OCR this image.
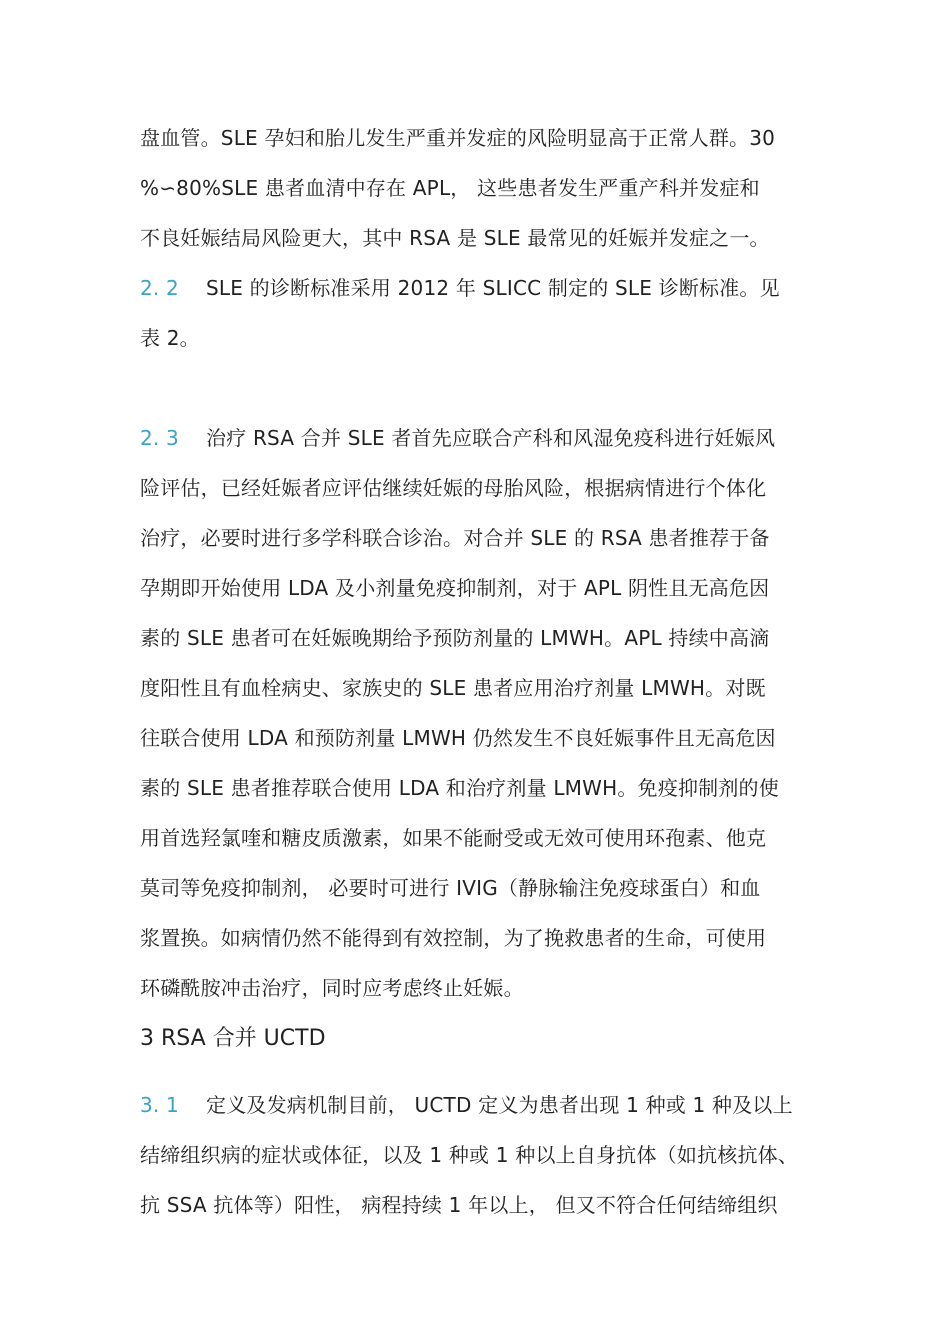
盘血管。SLE 孕妇和胎儿发生严重并发症的风险明显高于正常人群。30
%∽80%SLE 患者血清中存在 APL， 这些患者发生严重产科并发症和
不良妊娠结局风险更大，其中 RSA 是 SLE 最常见的妊娠并发症之一。
2. 2 SLE 的诊断标准采用 2012 年 SLICC 制定的 SLE 诊断标准。见
表 2。
2. 3 治疗 RSA 合并 SLE 者首先应联合产科和风湿免疫科进行妊娠风
险评估，已经妊娠者应评估继续妊娠的母胎风险，根据病情进行个体化
治疗，必要时进行多学科联合诊治。对合并 SLE 的 RSA 患者推荐于备
孕期即开始使用 LDA 及小剂量免疫抑制剂，对于 APL 阴性且无高危因
素的 SLE 患者可在妊娠晚期给予预防剂量的 LMWH。APL 持续中高滴
度阳性且有血栓病史、家族史的 SLE 患者应用治疗剂量 LMWH。对既
往联合使用 LDA 和预防剂量 LMWH 仍然发生不良妊娠事件且无高危因
素的 SLE 患者推荐联合使用 LDA 和治疗剂量 LMWH。免疫抑制剂的使
用首选羟氯喹和糖皮质激素，如果不能耐受或无效可使用环孢素、他克
莫司等免疫抑制剂， 必要时可进行 IVIG（静脉输注免疫球蛋白）和血
浆置换。如病情仍然不能得到有效控制，为了挽救患者的生命，可使用
环磷酰胺冲击治疗，同时应考虑终止妊娠。
3 RSA 合并 UCTD
3. 1 定义及发病机制目前， UCTD 定义为患者出现 1 种或 1 种及以上
结缔组织病的症状或体征，以及 1 种或 1 种以上自身抗体（如抗核抗体、
抗 SSA 抗体等）阳性， 病程持续 1 年以上， 但又不符合任何结缔组织
